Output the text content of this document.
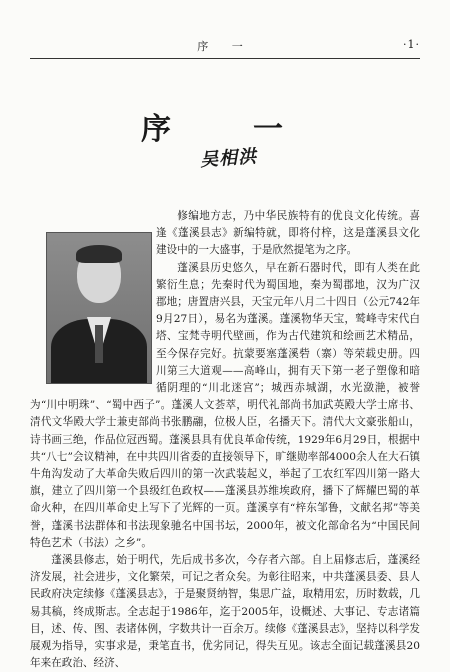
序 一	·1·
序　一
吴相洪

修编地方志，乃中华民族特有的优良文化传统。喜逢《蓬溪县志》新编特就，即将付梓，这是蓬溪县文化建设中的一大盛事，于是欣然提笔为之序。

蓬溪县历史悠久，早在新石器时代，即有人类在此繁衍生息；先秦时代为蜀国地，秦为蜀郡地，汉为广汉郡地；唐置唐兴县，天宝元年八月二十四日（公元742年9月27日），易名为蓬溪。蓬溪物华天宝，鹫峰寺宋代白塔、宝梵寺明代壁画，作为古代建筑和绘画艺术精品，至今保存完好。抗蒙要塞蓬溪砦（寨）等荣载史册。四川第三大道观——高峰山，拥有天下第一老子塑像和暗循阴理的“川北迷宫”；城西赤城湖，水光潋滟，被誉为“川中明珠”、“蜀中西子”。蓬溪人文荟萃，明代礼部尚书加武英殿大学士席书、清代文华殿大学士兼吏部尚书张鹏翮，位极人臣，名播天下。清代大文豪张船山，诗书画三绝，作品位冠西蜀。蓬溪县具有优良革命传统，1929年6月29日，根据中共“八七”会议精神，在中共四川省委的直接领导下，旷继勋率部4000余人在大石镇牛角沟发动了大革命失败后四川的第一次武装起义，举起了工农红军四川第一路大旗，建立了四川第一个县级红色政权——蓬溪县苏维埃政府，播下了辉耀巴蜀的革命火种，在四川革命史上写下了光辉的一页。蓬溪享有“梓东邹鲁，文献名邦”等美誉，蓬溪书法群体和书法现象驰名中国书坛，2000年，被文化部命名为“中国民间特色艺术（书法）之乡”。

蓬溪县修志，始于明代，先后成书多次，今存者六部。自上届修志后，蓬溪经济发展，社会进步，文化繁荣，可记之者众矣。为彰往昭来，中共蓬溪县委、县人民政府决定续修《蓬溪县志》，于是聚贤纳智，集思广益，取精用宏，历时数载，几易其稿，终成斯志。全志起于1986年，迄于2005年，设概述、大事记、专志诸篇目，述、传、图、表诸体例，字数共计一百余万。续修《蓬溪县志》，坚持以科学发展观为指导，实事求是，秉笔直书，优劣同记，得失互见。该志全面记载蓬溪县20年来在政治、经济、
